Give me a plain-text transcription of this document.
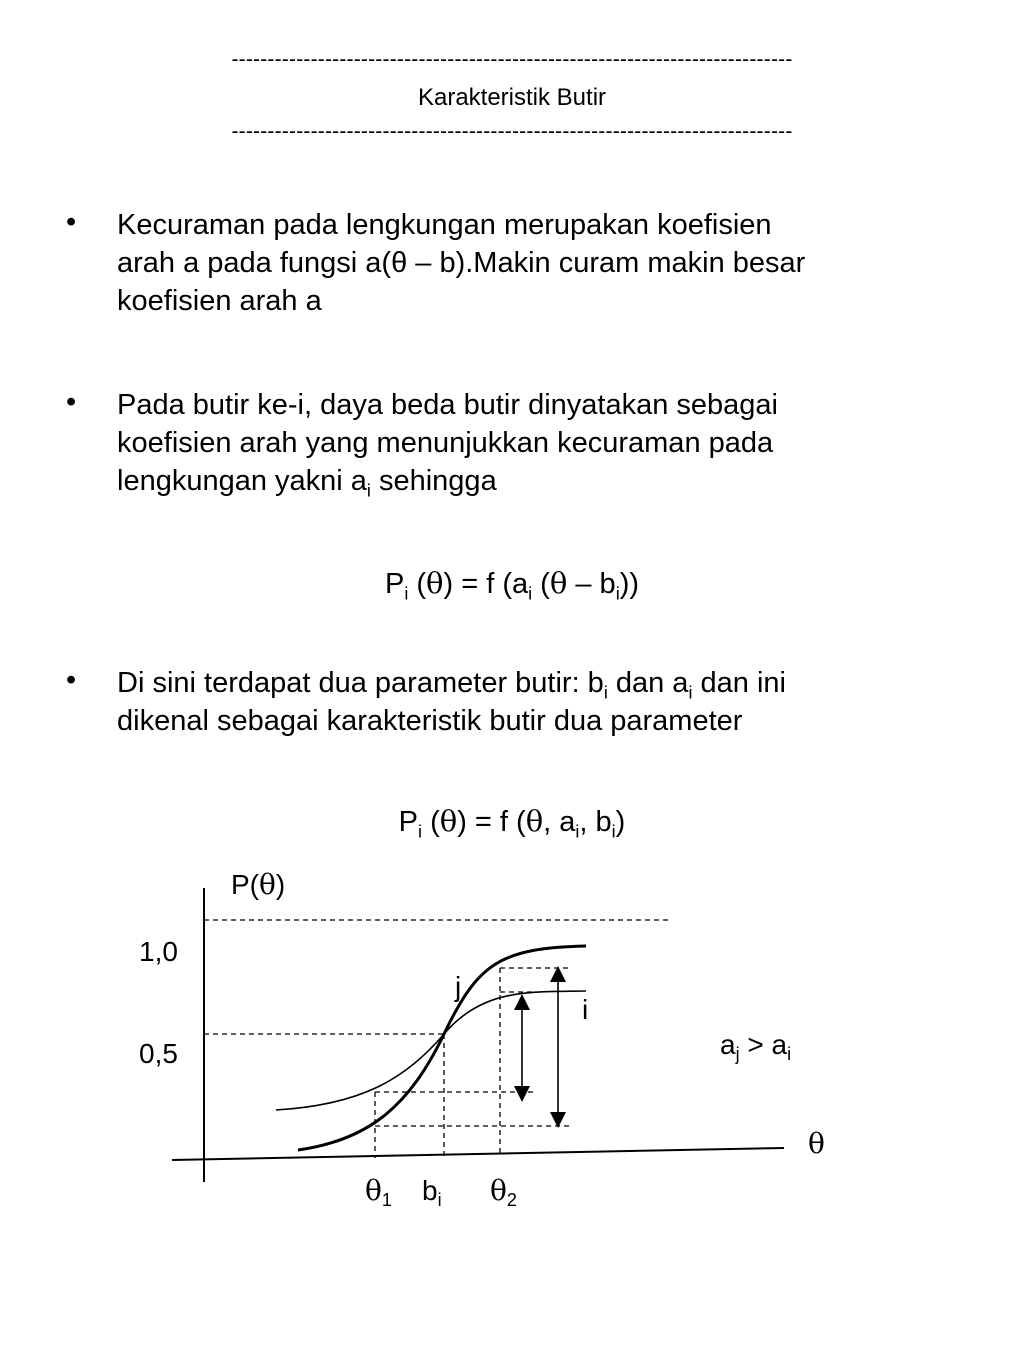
------------------------------------------------------------------------------
Karakteristik Butir
------------------------------------------------------------------------------
• Kecuraman pada lengkungan merupakan koefisien
arah a pada fungsi a(θ – b).Makin curam makin besar
koefisien arah a
• Pada butir ke-i, daya beda butir dinyatakan sebagai
koefisien arah yang menunjukkan kecuraman pada
lengkungan yakni $a_i$ sehingga
$P_i$ (θ) = f ($a_i$ $(\theta - b_i)$)
• Di sini terdapat dua parameter butir: $b_i$ dan $a_i$ dan ini
dikenal sebagai karakteristik butir dua parameter
$P_i$ (θ) = f (θ, $a_i$, $b_i$)
P(θ)
1,0
0,5
j
i
θ
$\theta_1$ $b_i$ $\theta_2$
$a_j > a_i$
